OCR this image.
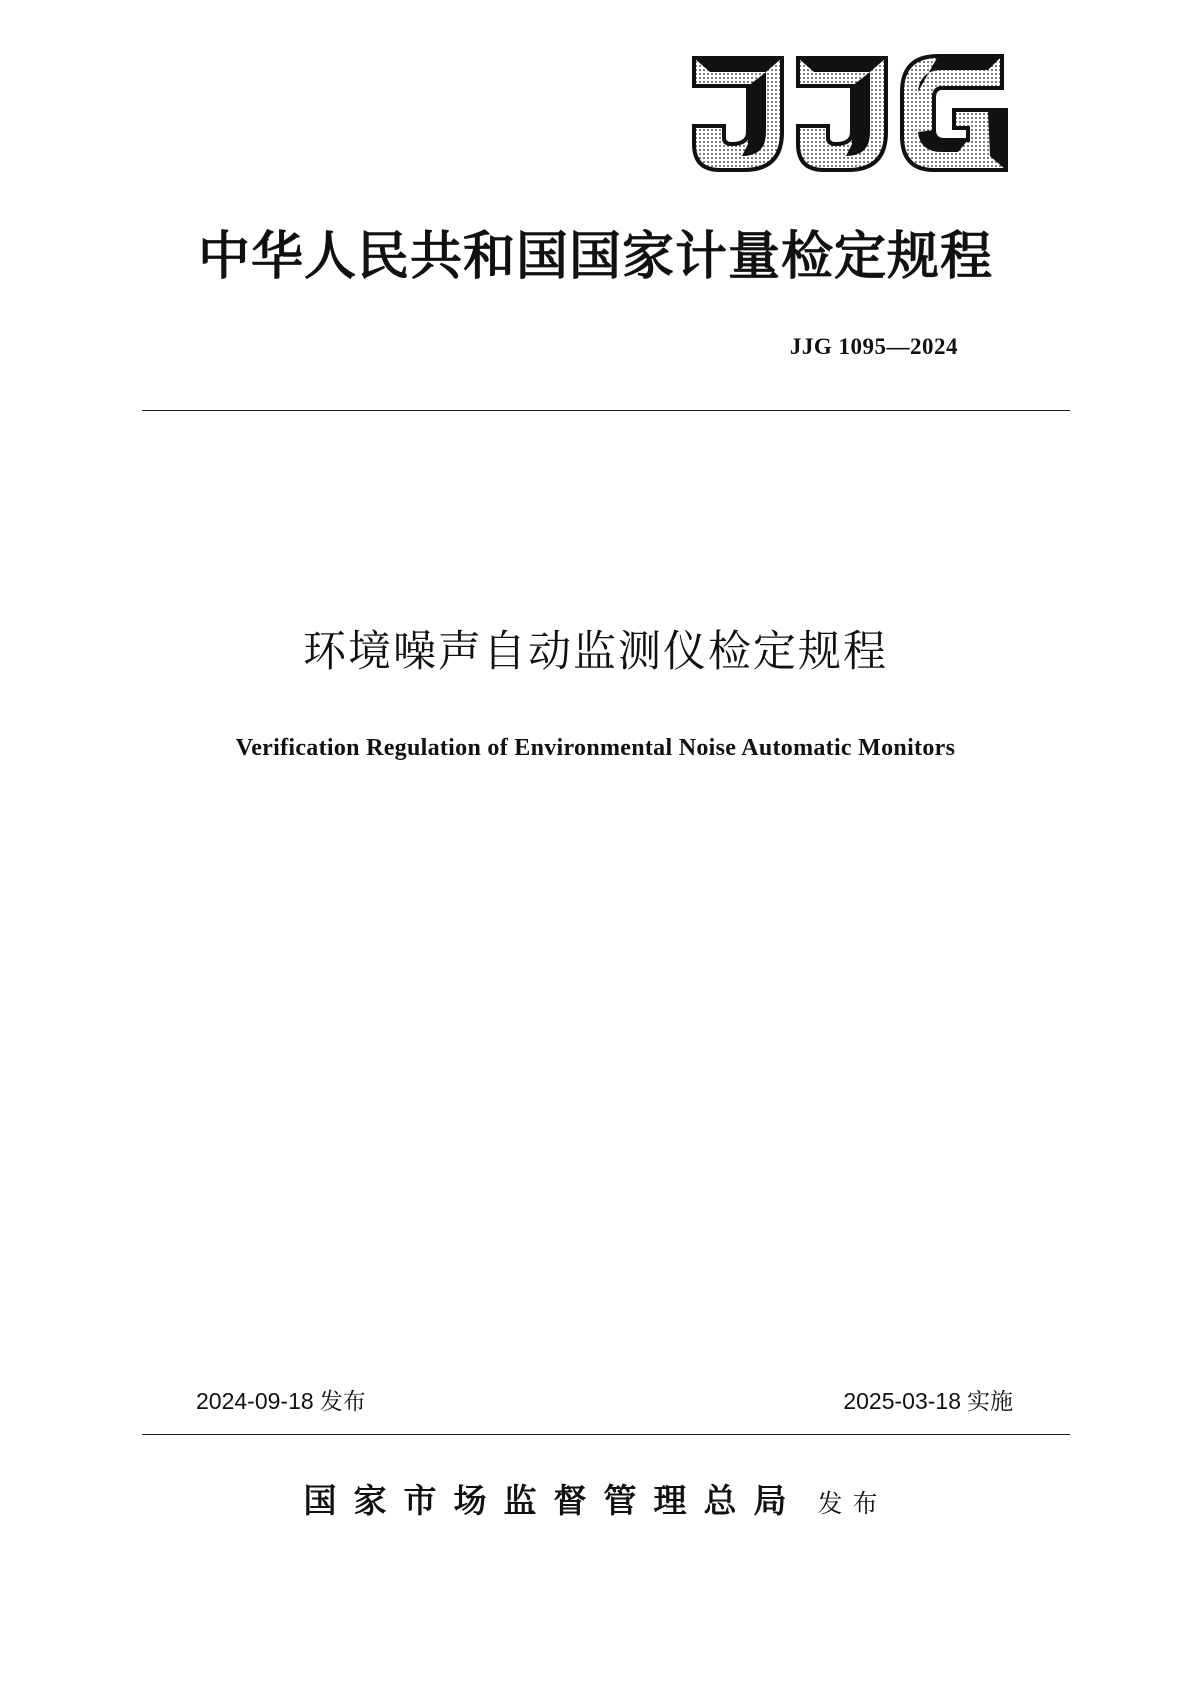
中华人民共和国国家计量检定规程
JJG 1095—2024
环境噪声自动监测仪检定规程
Verification Regulation of Environmental Noise Automatic Monitors
2024-09-18 发布	2025-03-18 实施
国家市场监督管理总局 发布
